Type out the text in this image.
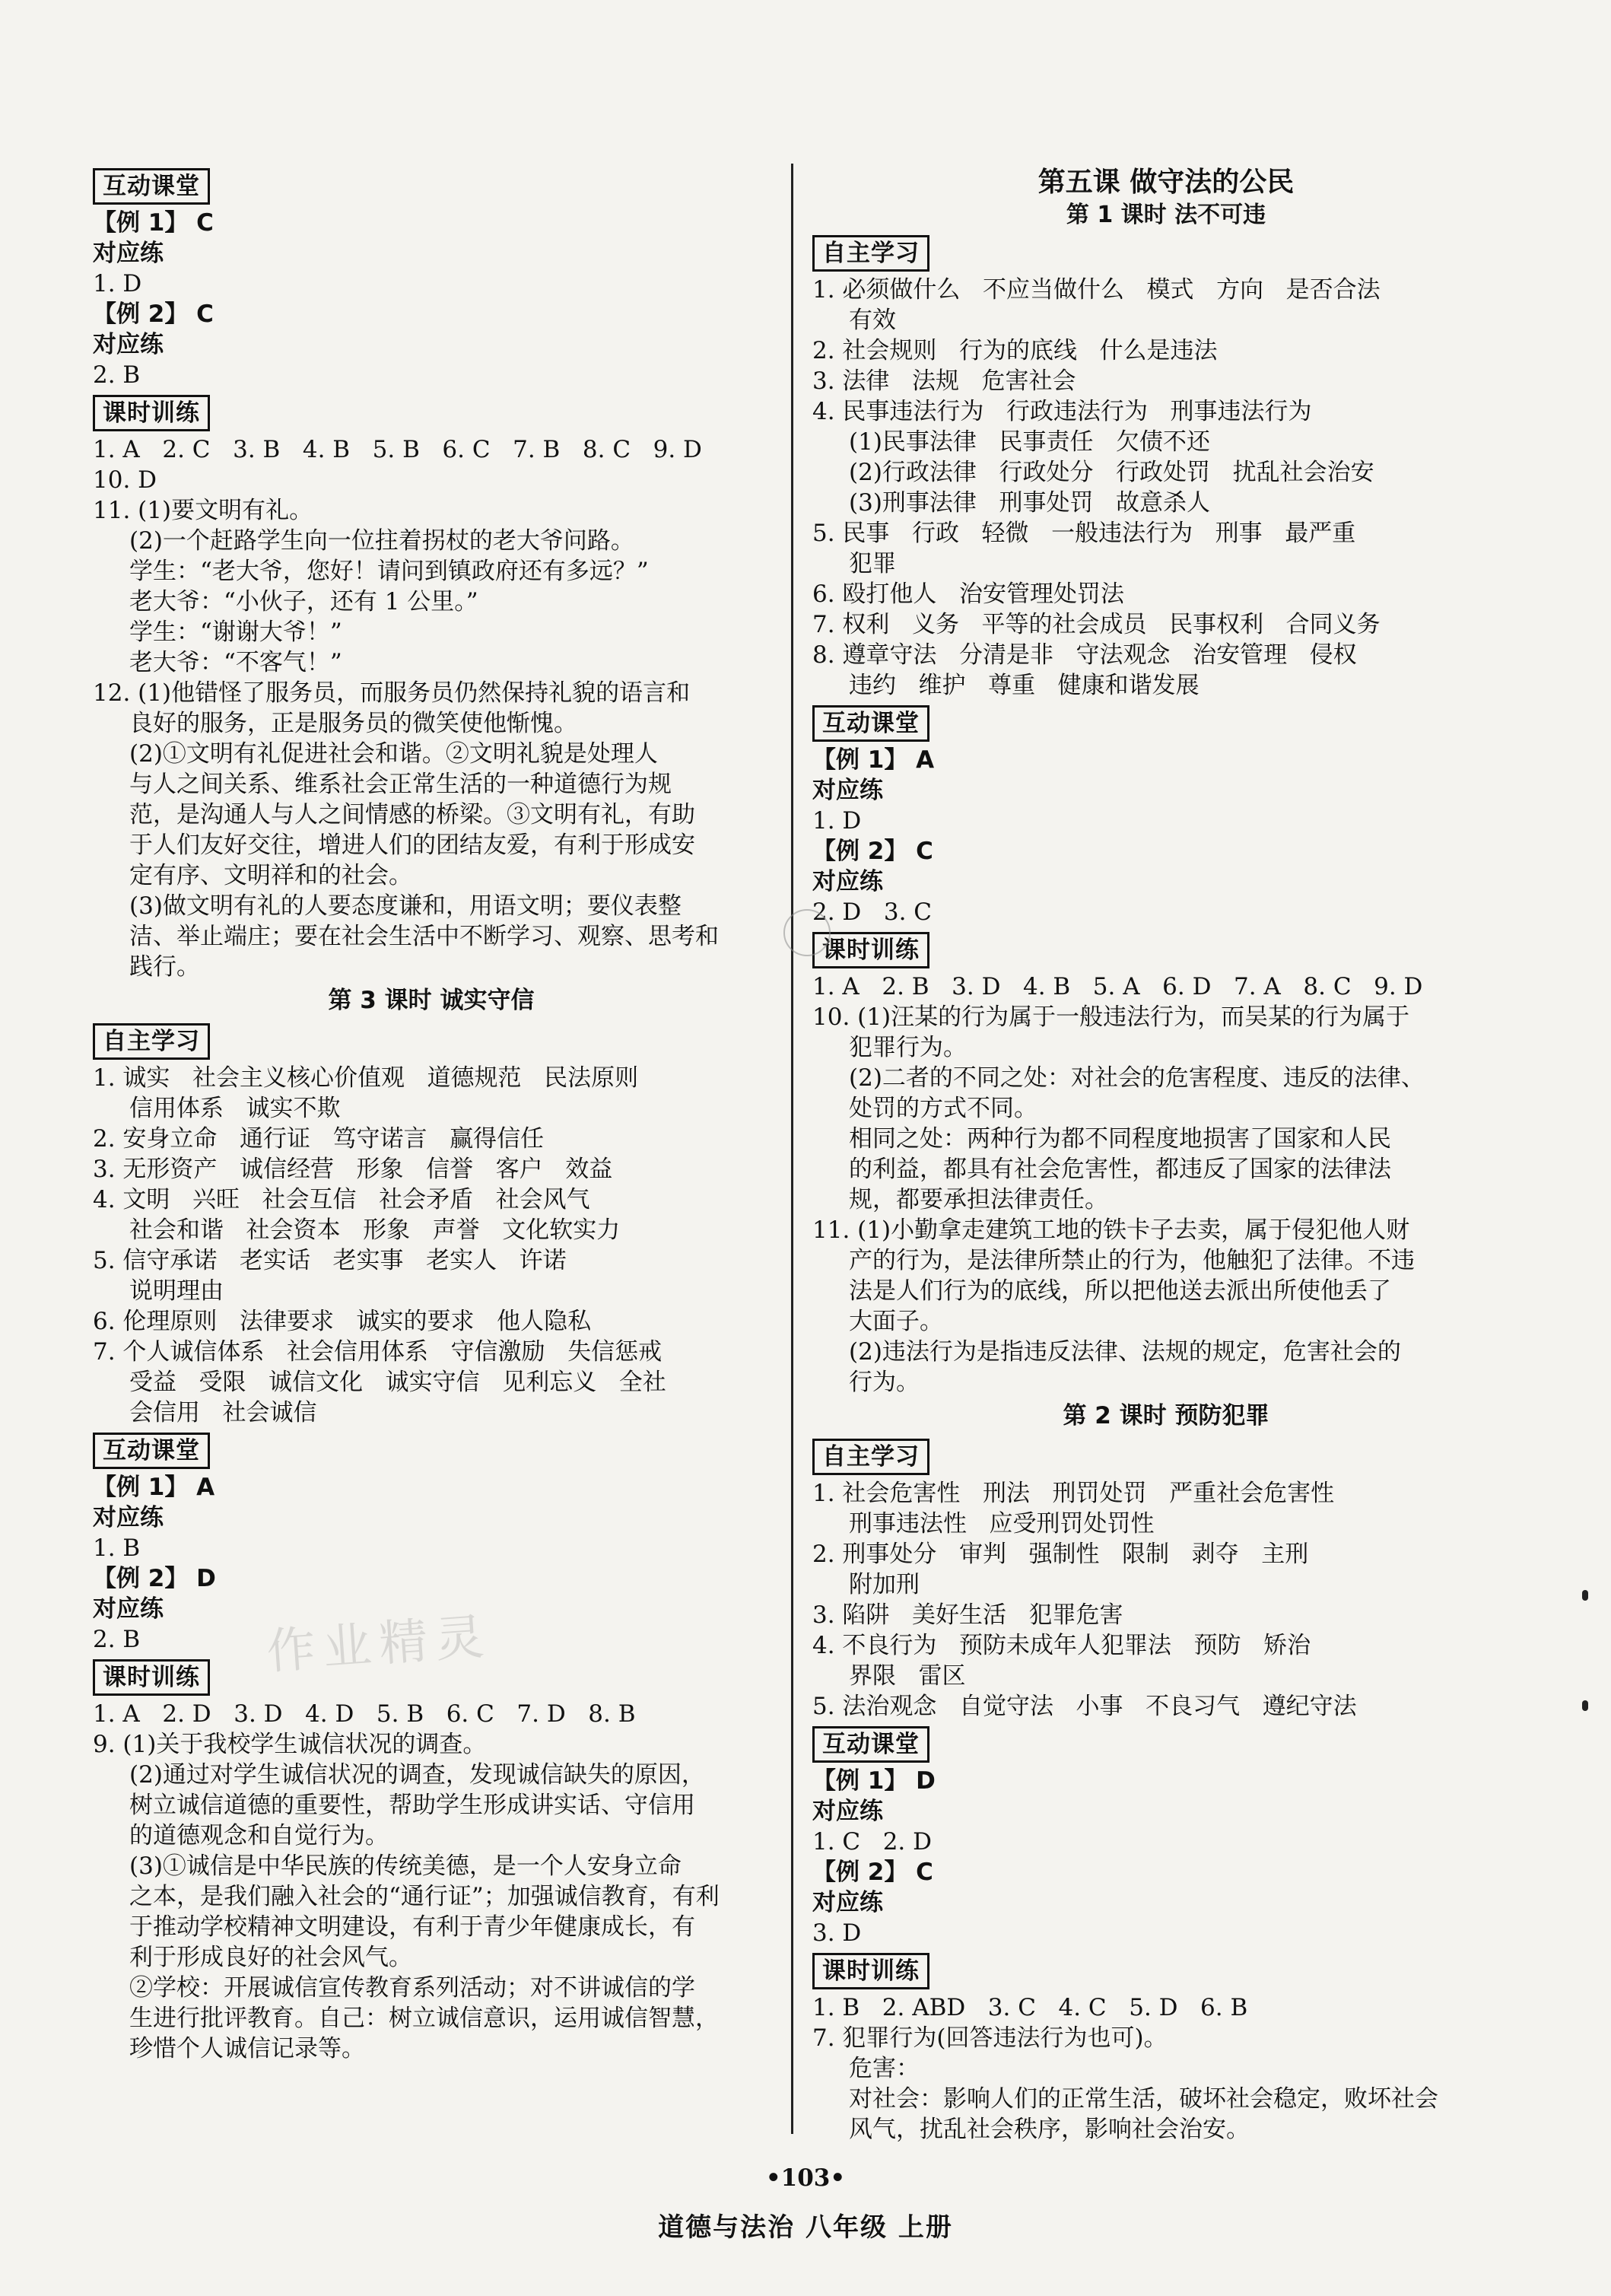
互动课堂
【例 1】 C
对应练
1. D
【例 2】 C
对应练
2. B
课时训练
1. A   2. C   3. B   4. B   5. B   6. C   7. B   8. C   9. D
10. D
11. (1)要文明有礼。
(2)一个赶路学生向一位拄着拐杖的老大爷问路。
学生：“老大爷，您好！请问到镇政府还有多远？”
老大爷：“小伙子，还有 1 公里。”
学生：“谢谢大爷！”
老大爷：“不客气！”
12. (1)他错怪了服务员，而服务员仍然保持礼貌的语言和
良好的服务，正是服务员的微笑使他惭愧。
(2)①文明有礼促进社会和谐。②文明礼貌是处理人
与人之间关系、维系社会正常生活的一种道德行为规
范，是沟通人与人之间情感的桥梁。③文明有礼，有助
于人们友好交往，增进人们的团结友爱，有利于形成安
定有序、文明祥和的社会。
(3)做文明有礼的人要态度谦和，用语文明；要仪表整
洁、举止端庄；要在社会生活中不断学习、观察、思考和
践行。
第 3 课时 诚实守信
自主学习
1. 诚实   社会主义核心价值观   道德规范   民法原则
信用体系   诚实不欺
2. 安身立命   通行证   笃守诺言   赢得信任
3. 无形资产   诚信经营   形象   信誉   客户   效益
4. 文明   兴旺   社会互信   社会矛盾   社会风气
社会和谐   社会资本   形象   声誉   文化软实力
5. 信守承诺   老实话   老实事   老实人   许诺
说明理由
6. 伦理原则   法律要求   诚实的要求   他人隐私
7. 个人诚信体系   社会信用体系   守信激励   失信惩戒
受益   受限   诚信文化   诚实守信   见利忘义   全社
会信用   社会诚信
互动课堂
【例 1】 A
对应练
1. B
【例 2】 D
对应练
2. B
课时训练
1. A   2. D   3. D   4. D   5. B   6. C   7. D   8. B
9. (1)关于我校学生诚信状况的调查。
(2)通过对学生诚信状况的调查，发现诚信缺失的原因，
树立诚信道德的重要性，帮助学生形成讲实话、守信用
的道德观念和自觉行为。
(3)①诚信是中华民族的传统美德，是一个人安身立命
之本，是我们融入社会的“通行证”；加强诚信教育，有利
于推动学校精神文明建设，有利于青少年健康成长，有
利于形成良好的社会风气。
②学校：开展诚信宣传教育系列活动；对不讲诚信的学
生进行批评教育。自己：树立诚信意识，运用诚信智慧，
珍惜个人诚信记录等。
第五课 做守法的公民
第 1 课时 法不可违
自主学习
1. 必须做什么   不应当做什么   模式   方向   是否合法
有效
2. 社会规则   行为的底线   什么是违法
3. 法律   法规   危害社会
4. 民事违法行为   行政违法行为   刑事违法行为
(1)民事法律   民事责任   欠债不还
(2)行政法律   行政处分   行政处罚   扰乱社会治安
(3)刑事法律   刑事处罚   故意杀人
5. 民事   行政   轻微   一般违法行为   刑事   最严重
犯罪
6. 殴打他人   治安管理处罚法
7. 权利   义务   平等的社会成员   民事权利   合同义务
8. 遵章守法   分清是非   守法观念   治安管理   侵权
违约   维护   尊重   健康和谐发展
互动课堂
【例 1】 A
对应练
1. D
【例 2】 C
对应练
2. D   3. C
课时训练
1. A   2. B   3. D   4. B   5. A   6. D   7. A   8. C   9. D
10. (1)汪某的行为属于一般违法行为，而吴某的行为属于
犯罪行为。
(2)二者的不同之处：对社会的危害程度、违反的法律、
处罚的方式不同。
相同之处：两种行为都不同程度地损害了国家和人民
的利益，都具有社会危害性，都违反了国家的法律法
规，都要承担法律责任。
11. (1)小勤拿走建筑工地的铁卡子去卖，属于侵犯他人财
产的行为，是法律所禁止的行为，他触犯了法律。不违
法是人们行为的底线，所以把他送去派出所使他丢了
大面子。
(2)违法行为是指违反法律、法规的规定，危害社会的
行为。
第 2 课时 预防犯罪
自主学习
1. 社会危害性   刑法   刑罚处罚   严重社会危害性
刑事违法性   应受刑罚处罚性
2. 刑事处分   审判   强制性   限制   剥夺   主刑
附加刑
3. 陷阱   美好生活   犯罪危害
4. 不良行为   预防未成年人犯罪法   预防   矫治
界限   雷区
5. 法治观念   自觉守法   小事   不良习气   遵纪守法
互动课堂
【例 1】 D
对应练
1. C   2. D
【例 2】 C
对应练
3. D
课时训练
1. B   2. ABD   3. C   4. C   5. D   6. B
7. 犯罪行为(回答违法行为也可)。
危害：
对社会：影响人们的正常生活，破坏社会稳定，败坏社会
风气，扰乱社会秩序，影响社会治安。
作业精灵
•103•
道德与法治 八年级 上册
